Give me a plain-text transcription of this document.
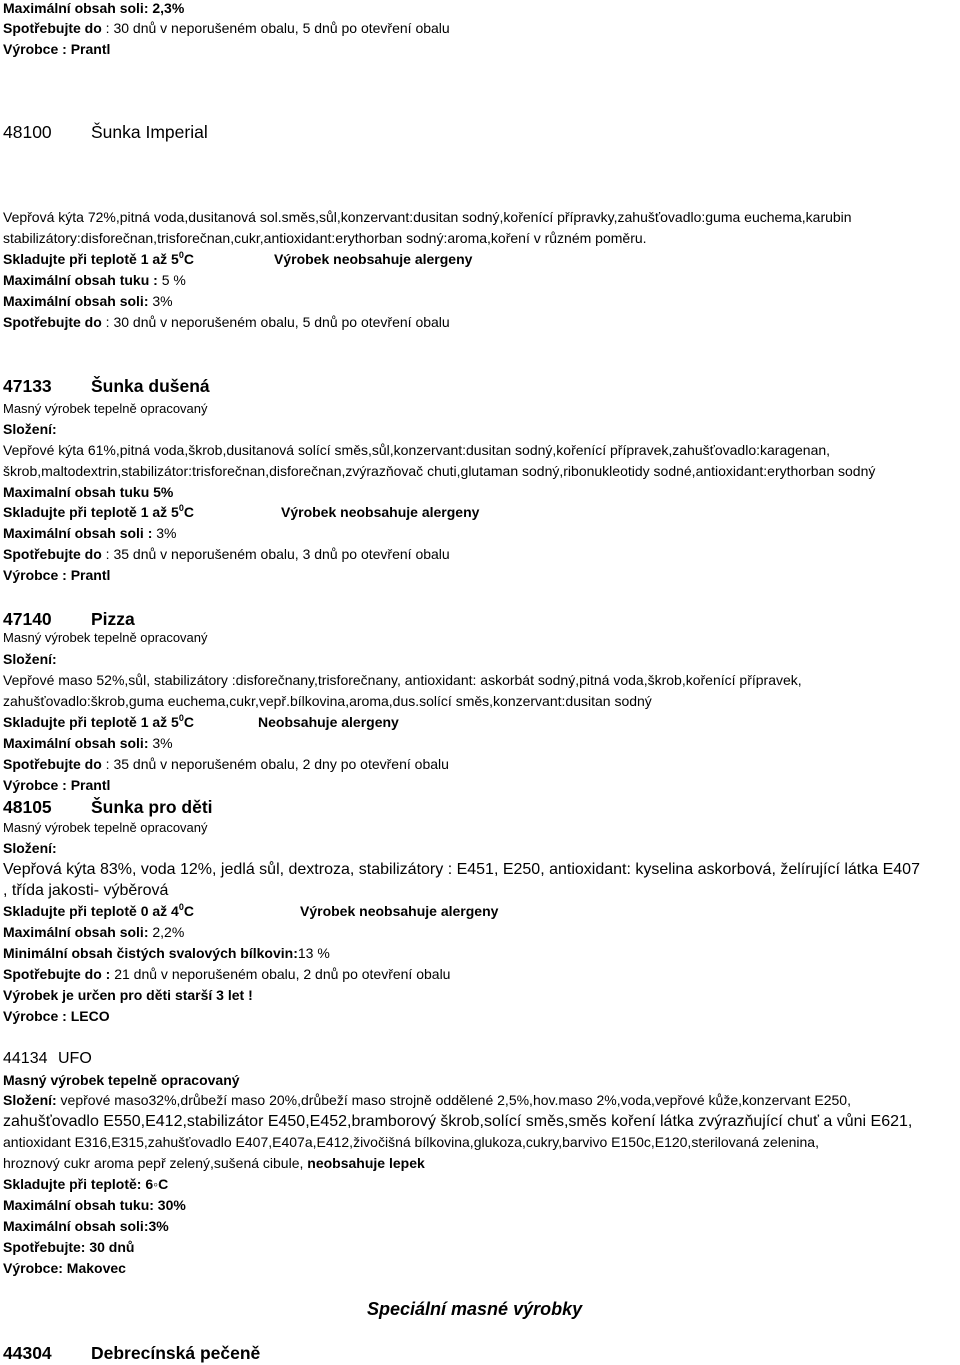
Maximální obsah soli: 2,3%
Spotřebujte do : 30 dnů v neporušeném obalu, 5 dnů po otevření obalu
Výrobce : Prantl
48100 Šunka Imperial
Vepřová kýta 72%,pitná voda,dusitanová sol.směs,sůl,konzervant:dusitan sodný,kořenící přípravky,zahušťovadlo:guma euchema,karubin
stabilizátory:disforečnan,trisforečnan,cukr,antioxidant:erythorban sodný:aroma,koření v různém poměru.
Skladujte při teplotě 1 až $5^0C$	Výrobek neobsahuje alergeny
Maximální obsah tuku : 5 %
Maximální obsah soli: 3%
Spotřebujte do : 30 dnů v neporušeném obalu, 5 dnů po otevření obalu
47133 Šunka dušená
Masný výrobek tepelně opracovaný
Složení:
Vepřové kýta 61%,pitná voda,škrob,dusitanová solící směs,sůl,konzervant:dusitan sodný,kořenící přípravek,zahušťovadlo:karagenan,
škrob,maltodextrin,stabilizátor:trisforečnan,disforečnan,zvýrazňovač chuti,glutaman sodný,ribonukleotidy sodné,antioxidant:erythorban sodný
Maximalní obsah tuku 5%
Skladujte při teplotě 1 až $5^0C$	Výrobek neobsahuje alergeny
Maximální obsah soli : 3%
Spotřebujte do : 35 dnů v neporušeném obalu, 3 dnů po otevření obalu
Výrobce : Prantl
47140 Pizza
Masný výrobek tepelně opracovaný
Složení:
Vepřové maso 52%,sůl, stabilizátory :disforečnany,trisforečnany, antioxidant: askorbát sodný,pitná voda,škrob,kořenící přípravek,
zahušťovadlo:škrob,guma euchema,cukr,vepř.bílkovina,aroma,dus.solící směs,konzervant:dusitan sodný
Skladujte při teplotě 1 až $5^0C$	Neobsahuje alergeny
Maximální obsah soli: 3%
Spotřebujte do : 35 dnů v neporušeném obalu, 2 dny po otevření obalu
Výrobce : Prantl
48105 Šunka pro děti
Masný výrobek tepelně opracovaný
Složení:
Vepřová kýta 83%, voda 12%, jedlá sůl, dextroza, stabilizátory : E451, E250, antioxidant: kyselina askorbová, želírující látka E407
, třída jakosti- výběrová
Skladujte při teplotě 0 až $4^0C$	Výrobek neobsahuje alergeny
Maximální obsah soli: 2,2%
Minimální obsah čistých svalových bílkovin:13 %
Spotřebujte do : 21 dnů v neporušeném obalu, 2 dnů po otevření obalu
Výrobek je určen pro děti starší 3 let !
Výrobce : LECO
44134 UFO
Masný výrobek tepelně opracovaný
Složení: vepřové maso32%,drůbeží maso 20%,drůbeží maso strojně oddělené 2,5%,hov.maso 2%,voda,vepřové kůže,konzervant E250,
zahušťovadlo E550,E412,stabilizátor E450,E452,bramborový škrob,solící směs,směs koření látka zvýrazňující chuť a vůni E621,
antioxidant E316,E315,zahušťovadlo E407,E407a,E412,živočišná bílkovina,glukoza,cukry,barvivo E150c,E120,sterilovaná zelenina,
hroznový cukr aroma pepř zelený,sušená cibule, neobsahuje lepek
Skladujte při teplotě: 6◦C
Maximální obsah tuku: 30%
Maximální obsah soli:3%
Spotřebujte: 30 dnů
Výrobce: Makovec
Speciální masné výrobky
44304 Debrecínská pečeně
